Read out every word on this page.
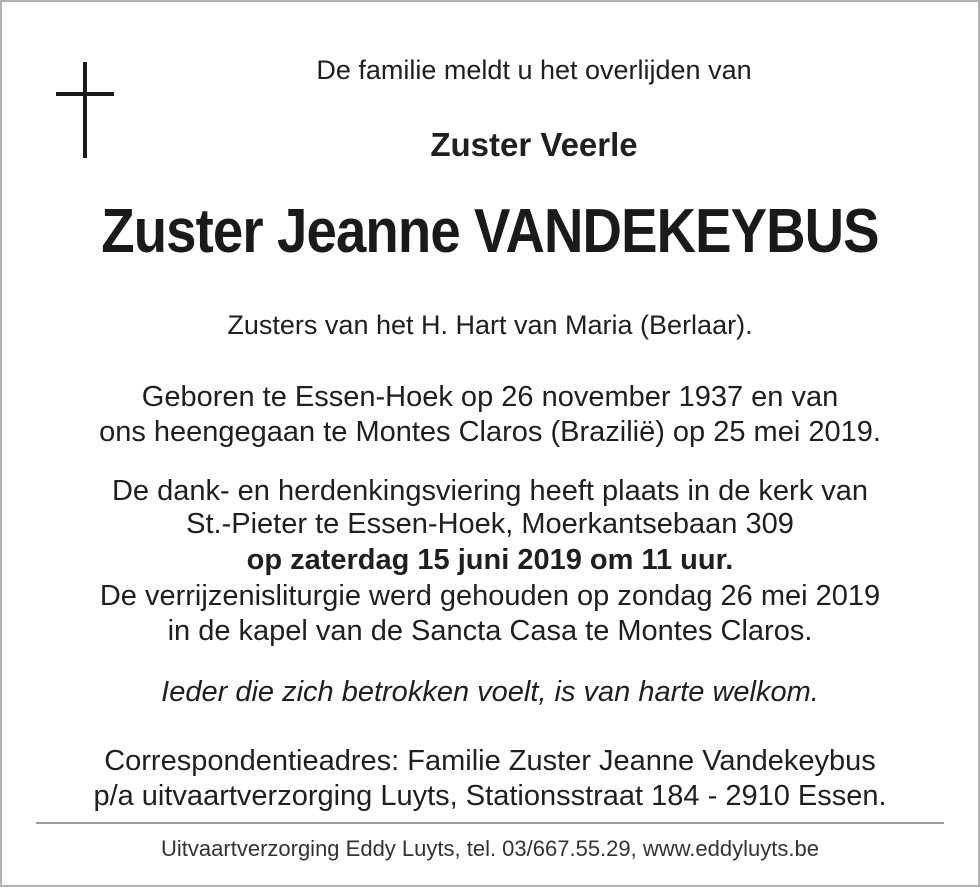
De familie meldt u het overlijden van

Zuster Veerle

Zuster Jeanne VANDEKEYBUS

Zusters van het H. Hart van Maria (Berlaar).

Geboren te Essen-Hoek op 26 november 1937 en van

ons heengegaan te Montes Claros (Brazilië) op 25 mei 2019.

De dank- en herdenkingsviering heeft plaats in de kerk van

St.-Pieter te Essen-Hoek, Moerkantsebaan 309

op zaterdag 15 juni 2019 om 11 uur.

De verrijzenisliturgie werd gehouden op zondag 26 mei 2019

in de kapel van de Sancta Casa te Montes Claros.

Ieder die zich betrokken voelt, is van harte welkom.

Correspondentieadres: Familie Zuster Jeanne Vandekeybus

p/a uitvaartverzorging Luyts, Stationsstraat 184 - 2910 Essen.

Uitvaartverzorging Eddy Luyts, tel. 03/667.55.29, www.eddyluyts.be
